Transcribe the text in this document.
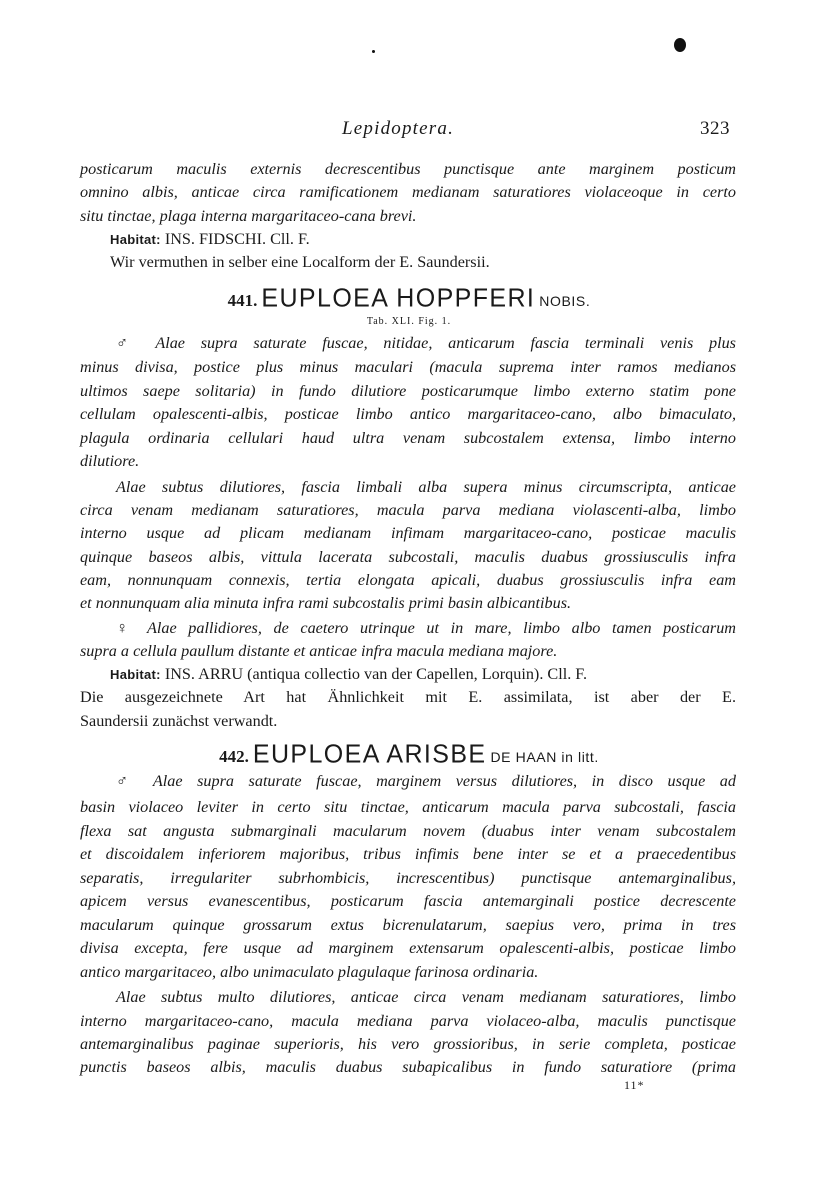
Lepidoptera.	323
posticarum maculis externis decrescentibus punctisque ante marginem posticum
omnino albis, anticae circa ramificationem medianam saturatiores violaceoque in certo
situ tinctae, plaga interna margaritaceo-cana brevi.
Habitat: INS. FIDSCHI. Cll. F.
Wir vermuthen in selber eine Localform der E. Saundersii.
441. EUPLOEA HOPPFERI NOBIS.
Tab. XLI. Fig. 1.
♂ Alae supra saturate fuscae, nitidae, anticarum fascia terminali venis plus
minus divisa, postice plus minus maculari (macula suprema inter ramos medianos
ultimos saepe solitaria) in fundo dilutiore posticarumque limbo externo statim pone
cellulam opalescenti-albis, posticae limbo antico margaritaceo-cano, albo bimaculato,
plagula ordinaria cellulari haud ultra venam subcostalem extensa, limbo interno
dilutiore.
Alae subtus dilutiores, fascia limbali alba supera minus circumscripta, anticae
circa venam medianam saturatiores, macula parva mediana violascenti-alba, limbo
interno usque ad plicam medianam infimam margaritaceo-cano, posticae maculis
quinque baseos albis, vittula lacerata subcostali, maculis duabus grossiusculis infra
eam, nonnunquam connexis, tertia elongata apicali, duabus grossiusculis infra eam
et nonnunquam alia minuta infra rami subcostalis primi basin albicantibus.
♀ Alae pallidiores, de caetero utrinque ut in mare, limbo albo tamen posticarum
supra a cellula paullum distante et anticae infra macula mediana majore.
Habitat: INS. ARRU (antiqua collectio van der Capellen, Lorquin). Cll. F.
Die ausgezeichnete Art hat Ähnlichkeit mit E. assimilata, ist aber der E.
Saundersii zunächst verwandt.
442. EUPLOEA ARISBE DE HAAN in litt.
♂ Alae supra saturate fuscae, marginem versus dilutiores, in disco usque ad
basin violaceo leviter in certo situ tinctae, anticarum macula parva subcostali, fascia
flexa sat angusta submarginali macularum novem (duabus inter venam subcostalem
et discoidalem inferiorem majoribus, tribus infimis bene inter se et a praecedentibus
separatis, irregulariter subrhombicis, increscentibus) punctisque antemarginalibus,
apicem versus evanescentibus, posticarum fascia antemarginali postice decrescente
macularum quinque grossarum extus bicrenulatarum, saepius vero, prima in tres
divisa excepta, fere usque ad marginem extensarum opalescenti-albis, posticae limbo
antico margaritaceo, albo unimaculato plagulaque farinosa ordinaria.
Alae subtus multo dilutiores, anticae circa venam medianam saturatiores, limbo
interno margaritaceo-cano, macula mediana parva violaceo-alba, maculis punctisque
antemarginalibus paginae superioris, his vero grossioribus, in serie completa, posticae
punctis baseos albis, maculis duabus subapicalibus in fundo saturatiore (prima
11*
